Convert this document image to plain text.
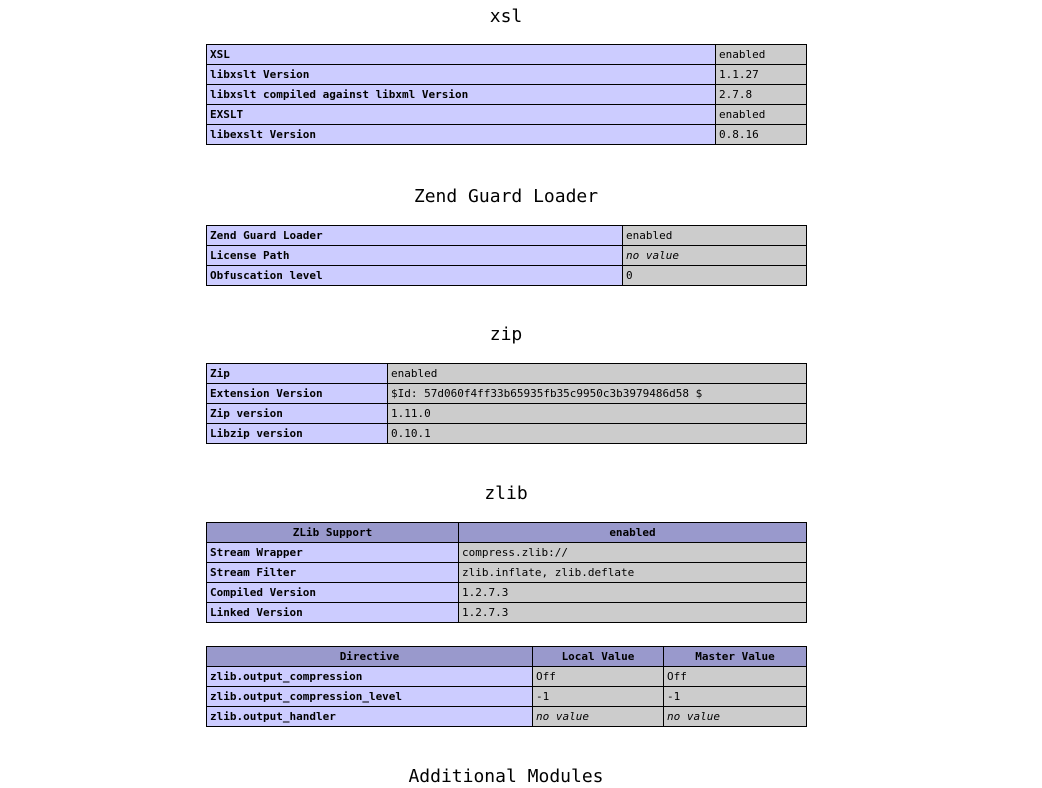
xsl
XSL	enabled
libxslt Version	1.1.27
libxslt compiled against libxml Version	2.7.8
EXSLT	enabled
libexslt Version	0.8.16
Zend Guard Loader
Zend Guard Loader	enabled
License Path	no value
Obfuscation level	0
zip
Zip	enabled
Extension Version	$Id: 57d060f4ff33b65935fb35c9950c3b3979486d58 $
Zip version	1.11.0
Libzip version	0.10.1
zlib
ZLib Support	enabled
Stream Wrapper	compress.zlib://
Stream Filter	zlib.inflate, zlib.deflate
Compiled Version	1.2.7.3
Linked Version	1.2.7.3
Directive	Local Value	Master Value
zlib.output_compression	Off	Off
zlib.output_compression_level	-1	-1
zlib.output_handler	no value	no value
Additional Modules
